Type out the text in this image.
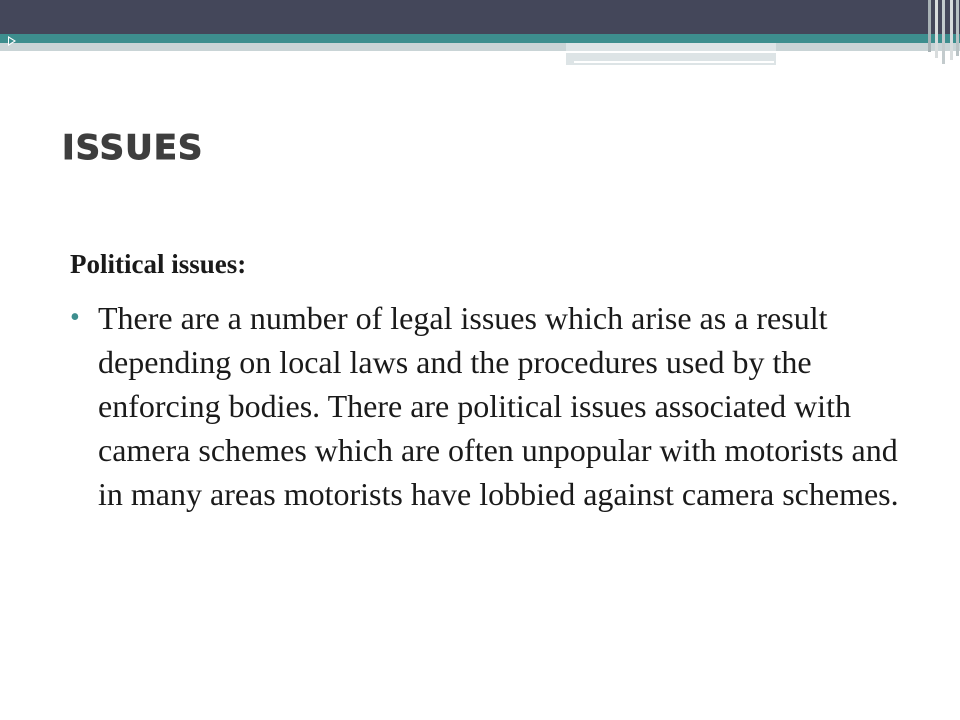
ISSUES

Political issues:

• There are a number of legal issues which arise as a result depending on local laws and the procedures used by the enforcing bodies. There are political issues associated with camera schemes which are often unpopular with motorists and in many areas motorists have lobbied against camera schemes.
